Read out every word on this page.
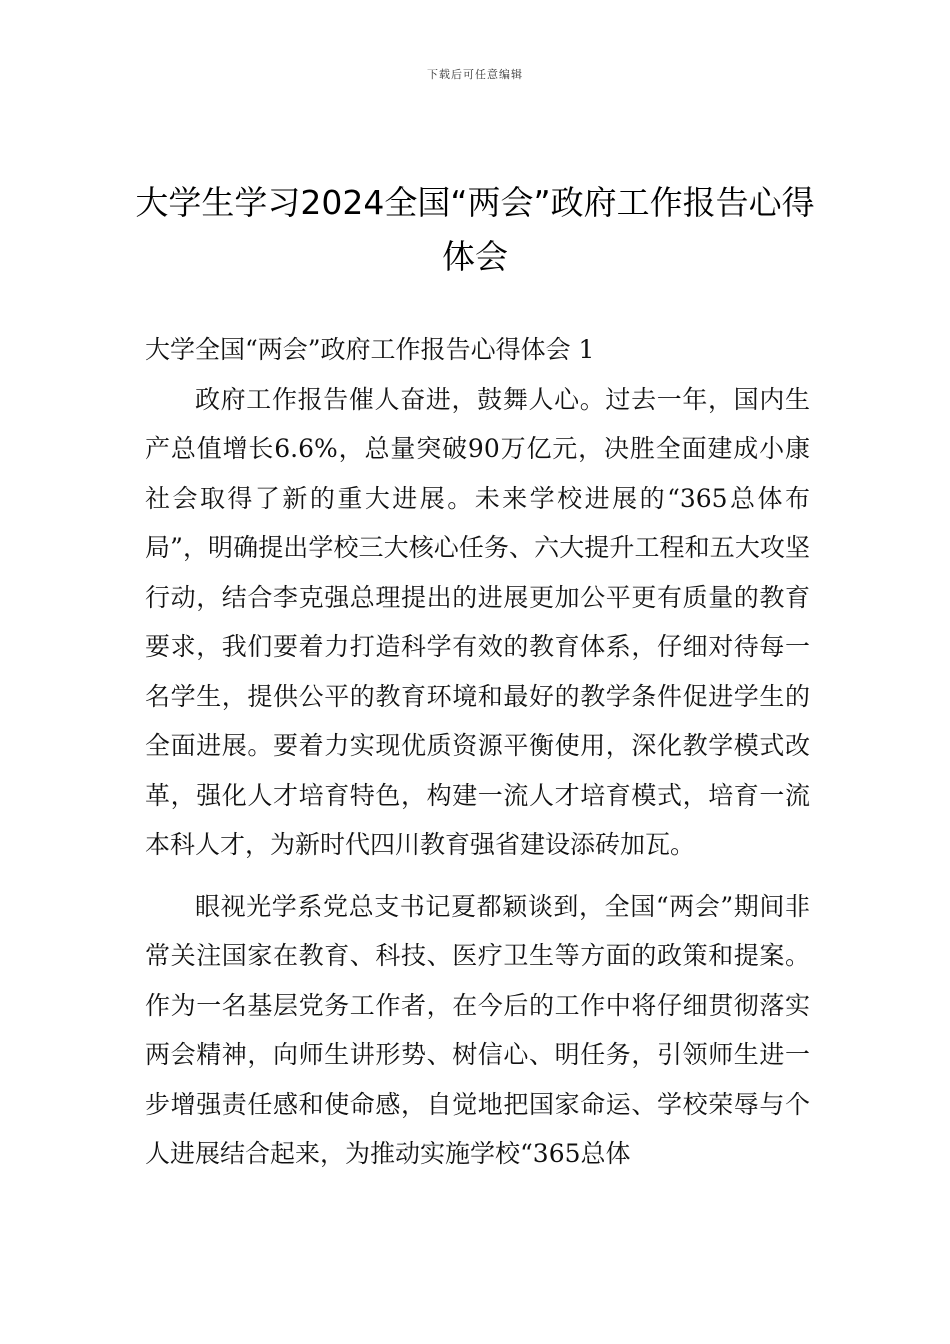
下载后可任意编辑
大学生学习2024全国“两会”政府工作报告心得体会
大学全国“两会”政府工作报告心得体会 1

政府工作报告催人奋进，鼓舞人心。过去一年，国内生产总值增长6.6%，总量突破90万亿元，决胜全面建成小康社会取得了新的重大进展。未来学校进展的“365总体布局”，明确提出学校三大核心任务、六大提升工程和五大攻坚行动，结合李克强总理提出的进展更加公平更有质量的教育要求，我们要着力打造科学有效的教育体系，仔细对待每一名学生，提供公平的教育环境和最好的教学条件促进学生的全面进展。要着力实现优质资源平衡使用，深化教学模式改革，强化人才培育特色，构建一流人才培育模式，培育一流本科人才，为新时代四川教育强省建设添砖加瓦。

眼视光学系党总支书记夏都颖谈到，全国“两会”期间非常关注国家在教育、科技、医疗卫生等方面的政策和提案。作为一名基层党务工作者，在今后的工作中将仔细贯彻落实两会精神，向师生讲形势、树信心、明任务，引领师生进一步增强责任感和使命感，自觉地把国家命运、学校荣辱与个人进展结合起来，为推动实施学校“365总体
